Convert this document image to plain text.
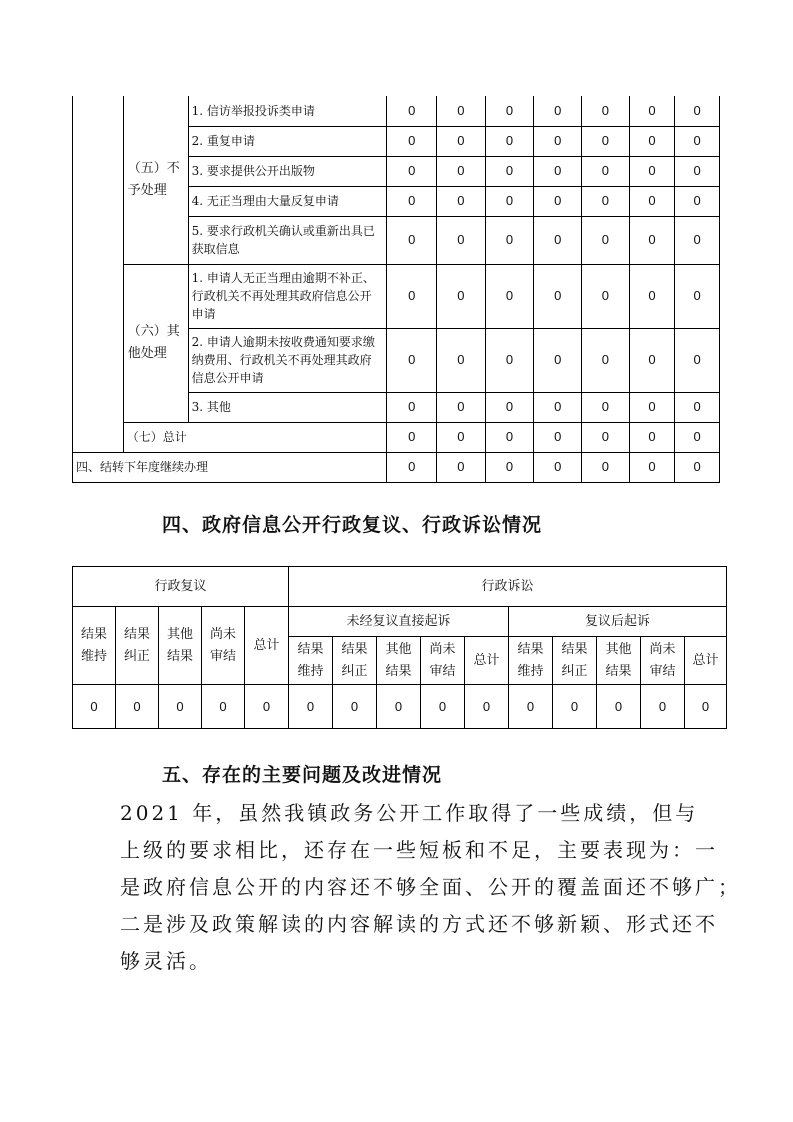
	（五）不予处理	1. 信访举报投诉类申请	0	0	0	0	0	0	0
		2. 重复申请	0	0	0	0	0	0	0
		3. 要求提供公开出版物	0	0	0	0	0	0	0
		4. 无正当理由大量反复申请	0	0	0	0	0	0	0
		5. 要求行政机关确认或重新出具已获取信息	0	0	0	0	0	0	0
	（六）其他处理	1. 申请人无正当理由逾期不补正、行政机关不再处理其政府信息公开申请	0	0	0	0	0	0	0
		2. 申请人逾期未按收费通知要求缴纳费用、行政机关不再处理其政府信息公开申请	0	0	0	0	0	0	0
		3. 其他	0	0	0	0	0	0	0
	（七）总计		0	0	0	0	0	0	0
四、结转下年度继续办理			0	0	0	0	0	0	0
四、政府信息公开行政复议、行政诉讼情况
行政复议					行政诉讼									
结果维持	结果纠正	其他结果	尚未审结	总计	未经复议直接起诉					复议后起诉				
					结果维持	结果纠正	其他结果	尚未审结	总计	结果维持	结果纠正	其他结果	尚未审结	总计
0	0	0	0	0	0	0	0	0	0	0	0	0	0	0
五、存在的主要问题及改进情况
2021 年，虽然我镇政务公开工作取得了一些成绩，但与
上级的要求相比，还存在一些短板和不足，主要表现为：一
是政府信息公开的内容还不够全面、公开的覆盖面还不够广；
二是涉及政策解读的内容解读的方式还不够新颖、形式还不
够灵活。
